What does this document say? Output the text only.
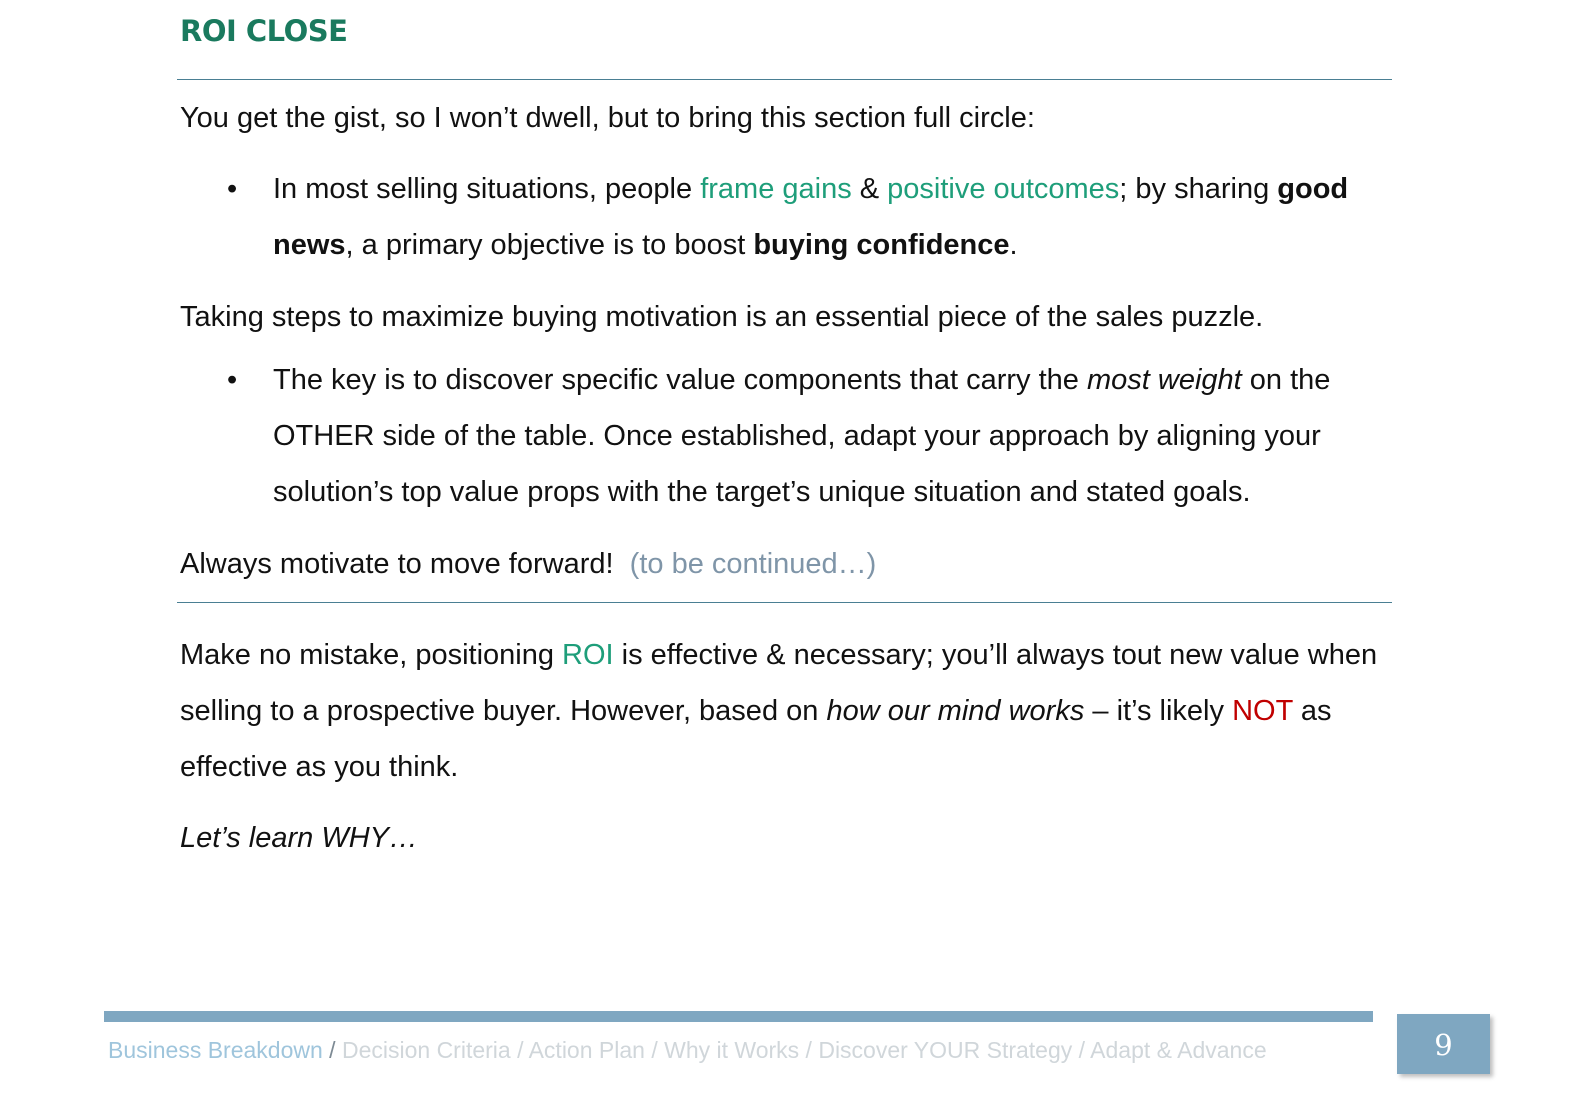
ROI CLOSE

You get the gist, so I won’t dwell, but to bring this section full circle:

• In most selling situations, people frame gains & positive outcomes; by sharing good news, a primary objective is to boost buying confidence.

Taking steps to maximize buying motivation is an essential piece of the sales puzzle.

• The key is to discover specific value components that carry the most weight on the OTHER side of the table. Once established, adapt your approach by aligning your solution’s top value props with the target’s unique situation and stated goals.

Always motivate to move forward! (to be continued…)

Make no mistake, positioning ROI is effective & necessary; you’ll always tout new value when selling to a prospective buyer. However, based on how our mind works – it’s likely NOT as effective as you think.

Let’s learn WHY…

Business Breakdown / Decision Criteria / Action Plan / Why it Works / Discover YOUR Strategy / Adapt & Advance	9
